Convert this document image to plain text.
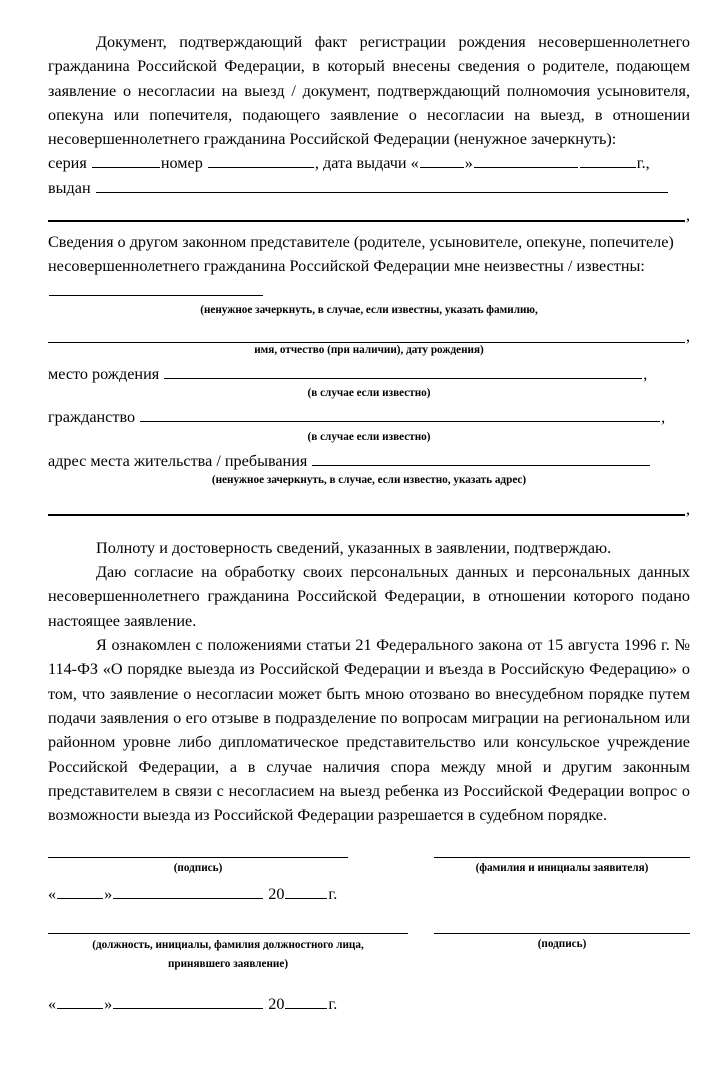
Документ, подтверждающий факт регистрации рождения несовершеннолетнего гражданина Российской Федерации, в который внесены сведения о родителе, подающем заявление о несогласии на выезд / документ, подтверждающий полномочия усыновителя, опекуна или попечителя, подающего заявление о несогласии на выезд, в отношении несовершеннолетнего гражданина Российской Федерации (ненужное зачеркнуть):

серия	номер	, дата выдачи «	»	г.,
выдан
,

Сведения о другом законном представителе (родителе, усыновителе, опекуне, попечителе) несовершеннолетнего гражданина Российской Федерации мне неизвестны / известны:

(ненужное зачеркнуть, в случае, если известны, указать фамилию,

,

имя, отчество (при наличии), дату рождения)

место рождения	,

(в случае если известно)

гражданство	,

(в случае если известно)

адрес места жительства / пребывания

(ненужное зачеркнуть, в случае, если известно, указать адрес)

,

Полноту и достоверность сведений, указанных в заявлении, подтверждаю.

Даю согласие на обработку своих персональных данных и персональных данных несовершеннолетнего гражданина Российской Федерации, в отношении которого подано настоящее заявление.

Я ознакомлен с положениями статьи 21 Федерального закона от 15 августа 1996 г. № 114-ФЗ «О порядке выезда из Российской Федерации и въезда в Российскую Федерацию» о том, что заявление о несогласии может быть мною отозвано во внесудебном порядке путем подачи заявления о его отзыве в подразделение по вопросам миграции на региональном или районном уровне либо дипломатическое представительство или консульское учреждение Российской Федерации, а в случае наличия спора между мной и другим законным представителем в связи с несогласием на выезд ребенка из Российской Федерации вопрос о возможности выезда из Российской Федерации разрешается в судебном порядке.

(подпись)	(фамилия и инициалы заявителя)
«	»	20	г.
(должность, инициалы, фамилия должностного лица,
принявшего заявление)
(подпись)
«	»	20	г.
